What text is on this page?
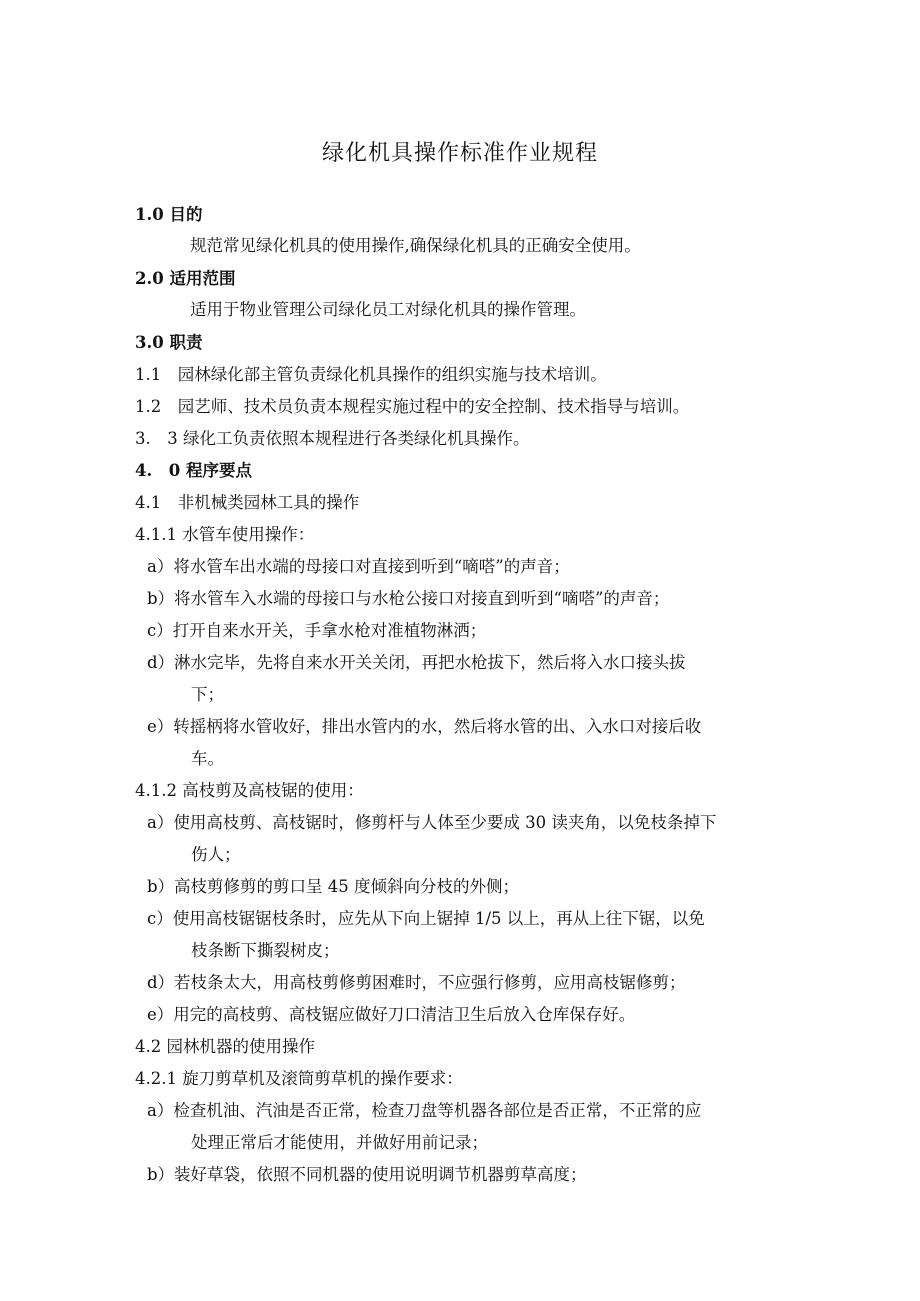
绿化机具操作标准作业规程
1.0 目的
规范常见绿化机具的使用操作,确保绿化机具的正确安全使用。
2.0 适用范围
适用于物业管理公司绿化员工对绿化机具的操作管理。
3.0 职责
1.1　园林绿化部主管负责绿化机具操作的组织实施与技术培训。
1.2　园艺师、技术员负责本规程实施过程中的安全控制、技术指导与培训。
3.　3 绿化工负责依照本规程进行各类绿化机具操作。
4.　0 程序要点
4.1　非机械类园林工具的操作
4.1.1 水管车使用操作：
a）将水管车出水端的母接口对直接到听到“嘀嗒”的声音；
b）将水管车入水端的母接口与水枪公接口对接直到听到“嘀嗒”的声音；
c）打开自来水开关，手拿水枪对准植物淋洒；
d）淋水完毕，先将自来水开关关闭，再把水枪拔下，然后将入水口接头拔
下；
e）转摇柄将水管收好，排出水管内的水，然后将水管的出、入水口对接后收
车。
4.1.2 高枝剪及高枝锯的使用：
a）使用高枝剪、高枝锯时，修剪杆与人体至少要成 30 读夹角，以免枝条掉下
伤人；
b）高枝剪修剪的剪口呈 45 度倾斜向分枝的外侧；
c）使用高枝锯锯枝条时，应先从下向上锯掉 1/5 以上，再从上往下锯，以免
枝条断下撕裂树皮；
d）若枝条太大，用高枝剪修剪困难时，不应强行修剪，应用高枝锯修剪；
e）用完的高枝剪、高枝锯应做好刀口清洁卫生后放入仓库保存好。
4.2 园林机器的使用操作
4.2.1 旋刀剪草机及滚筒剪草机的操作要求：
a）检查机油、汽油是否正常，检查刀盘等机器各部位是否正常，不正常的应
处理正常后才能使用，并做好用前记录；
b）装好草袋，依照不同机器的使用说明调节机器剪草高度；
